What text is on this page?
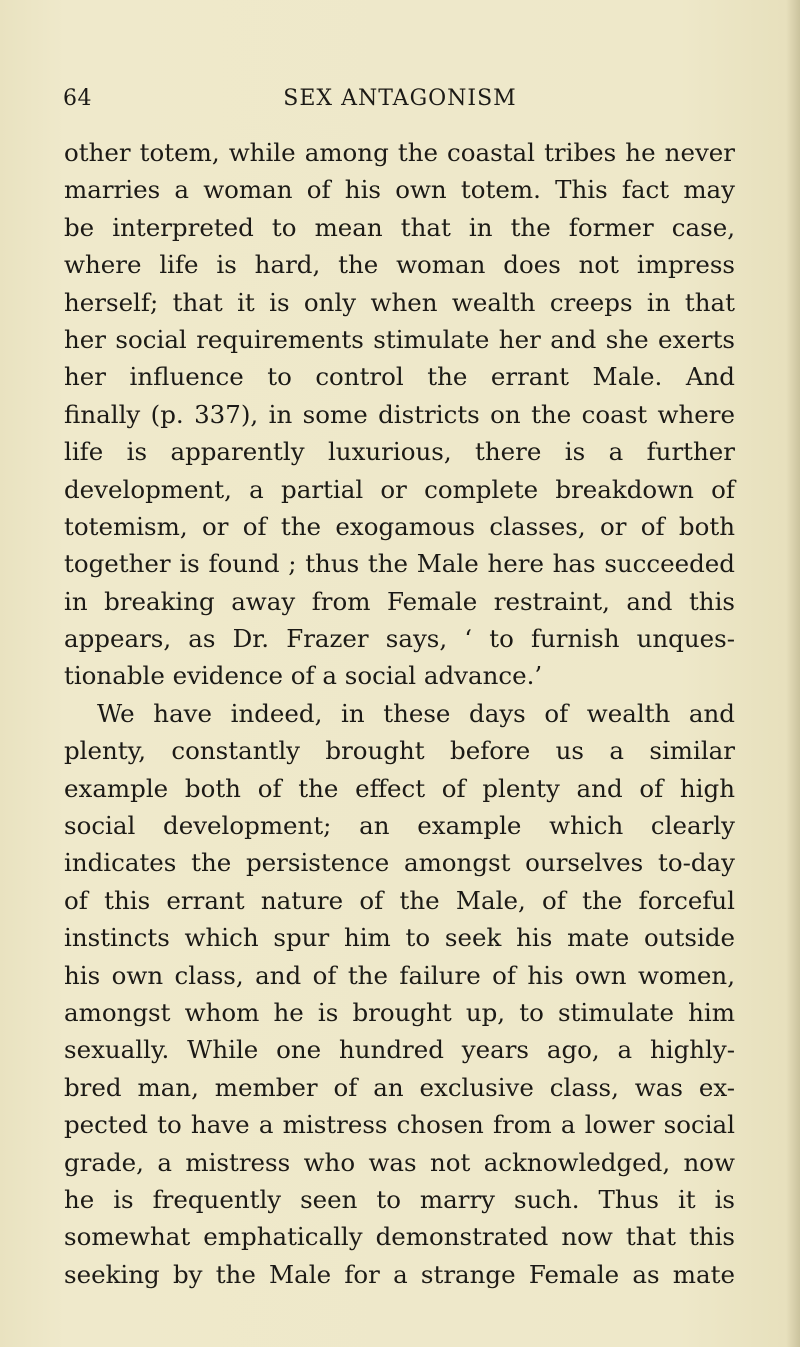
64	SEX ANTAGONISM
other totem, while among the coastal tribes he never
marries a woman of his own totem. This fact may
be interpreted to mean that in the former case,
where life is hard, the woman does not impress
herself; that it is only when wealth creeps in that
her social requirements stimulate her and she exerts
her influence to control the errant Male. And
finally (p. 337), in some districts on the coast where
life is apparently luxurious, there is a further
development, a partial or complete breakdown of
totemism, or of the exogamous classes, or of both
together is found ; thus the Male here has succeeded
in breaking away from Female restraint, and this
appears, as Dr. Frazer says, ‘ to furnish unques-
tionable evidence of a social advance.’
We have indeed, in these days of wealth and
plenty, constantly brought before us a similar
example both of the effect of plenty and of high
social development; an example which clearly
indicates the persistence amongst ourselves to-day
of this errant nature of the Male, of the forceful
instincts which spur him to seek his mate outside
his own class, and of the failure of his own women,
amongst whom he is brought up, to stimulate him
sexually. While one hundred years ago, a highly-
bred man, member of an exclusive class, was ex-
pected to have a mistress chosen from a lower social
grade, a mistress who was not acknowledged, now
he is frequently seen to marry such. Thus it is
somewhat emphatically demonstrated now that this
seeking by the Male for a strange Female as mate
